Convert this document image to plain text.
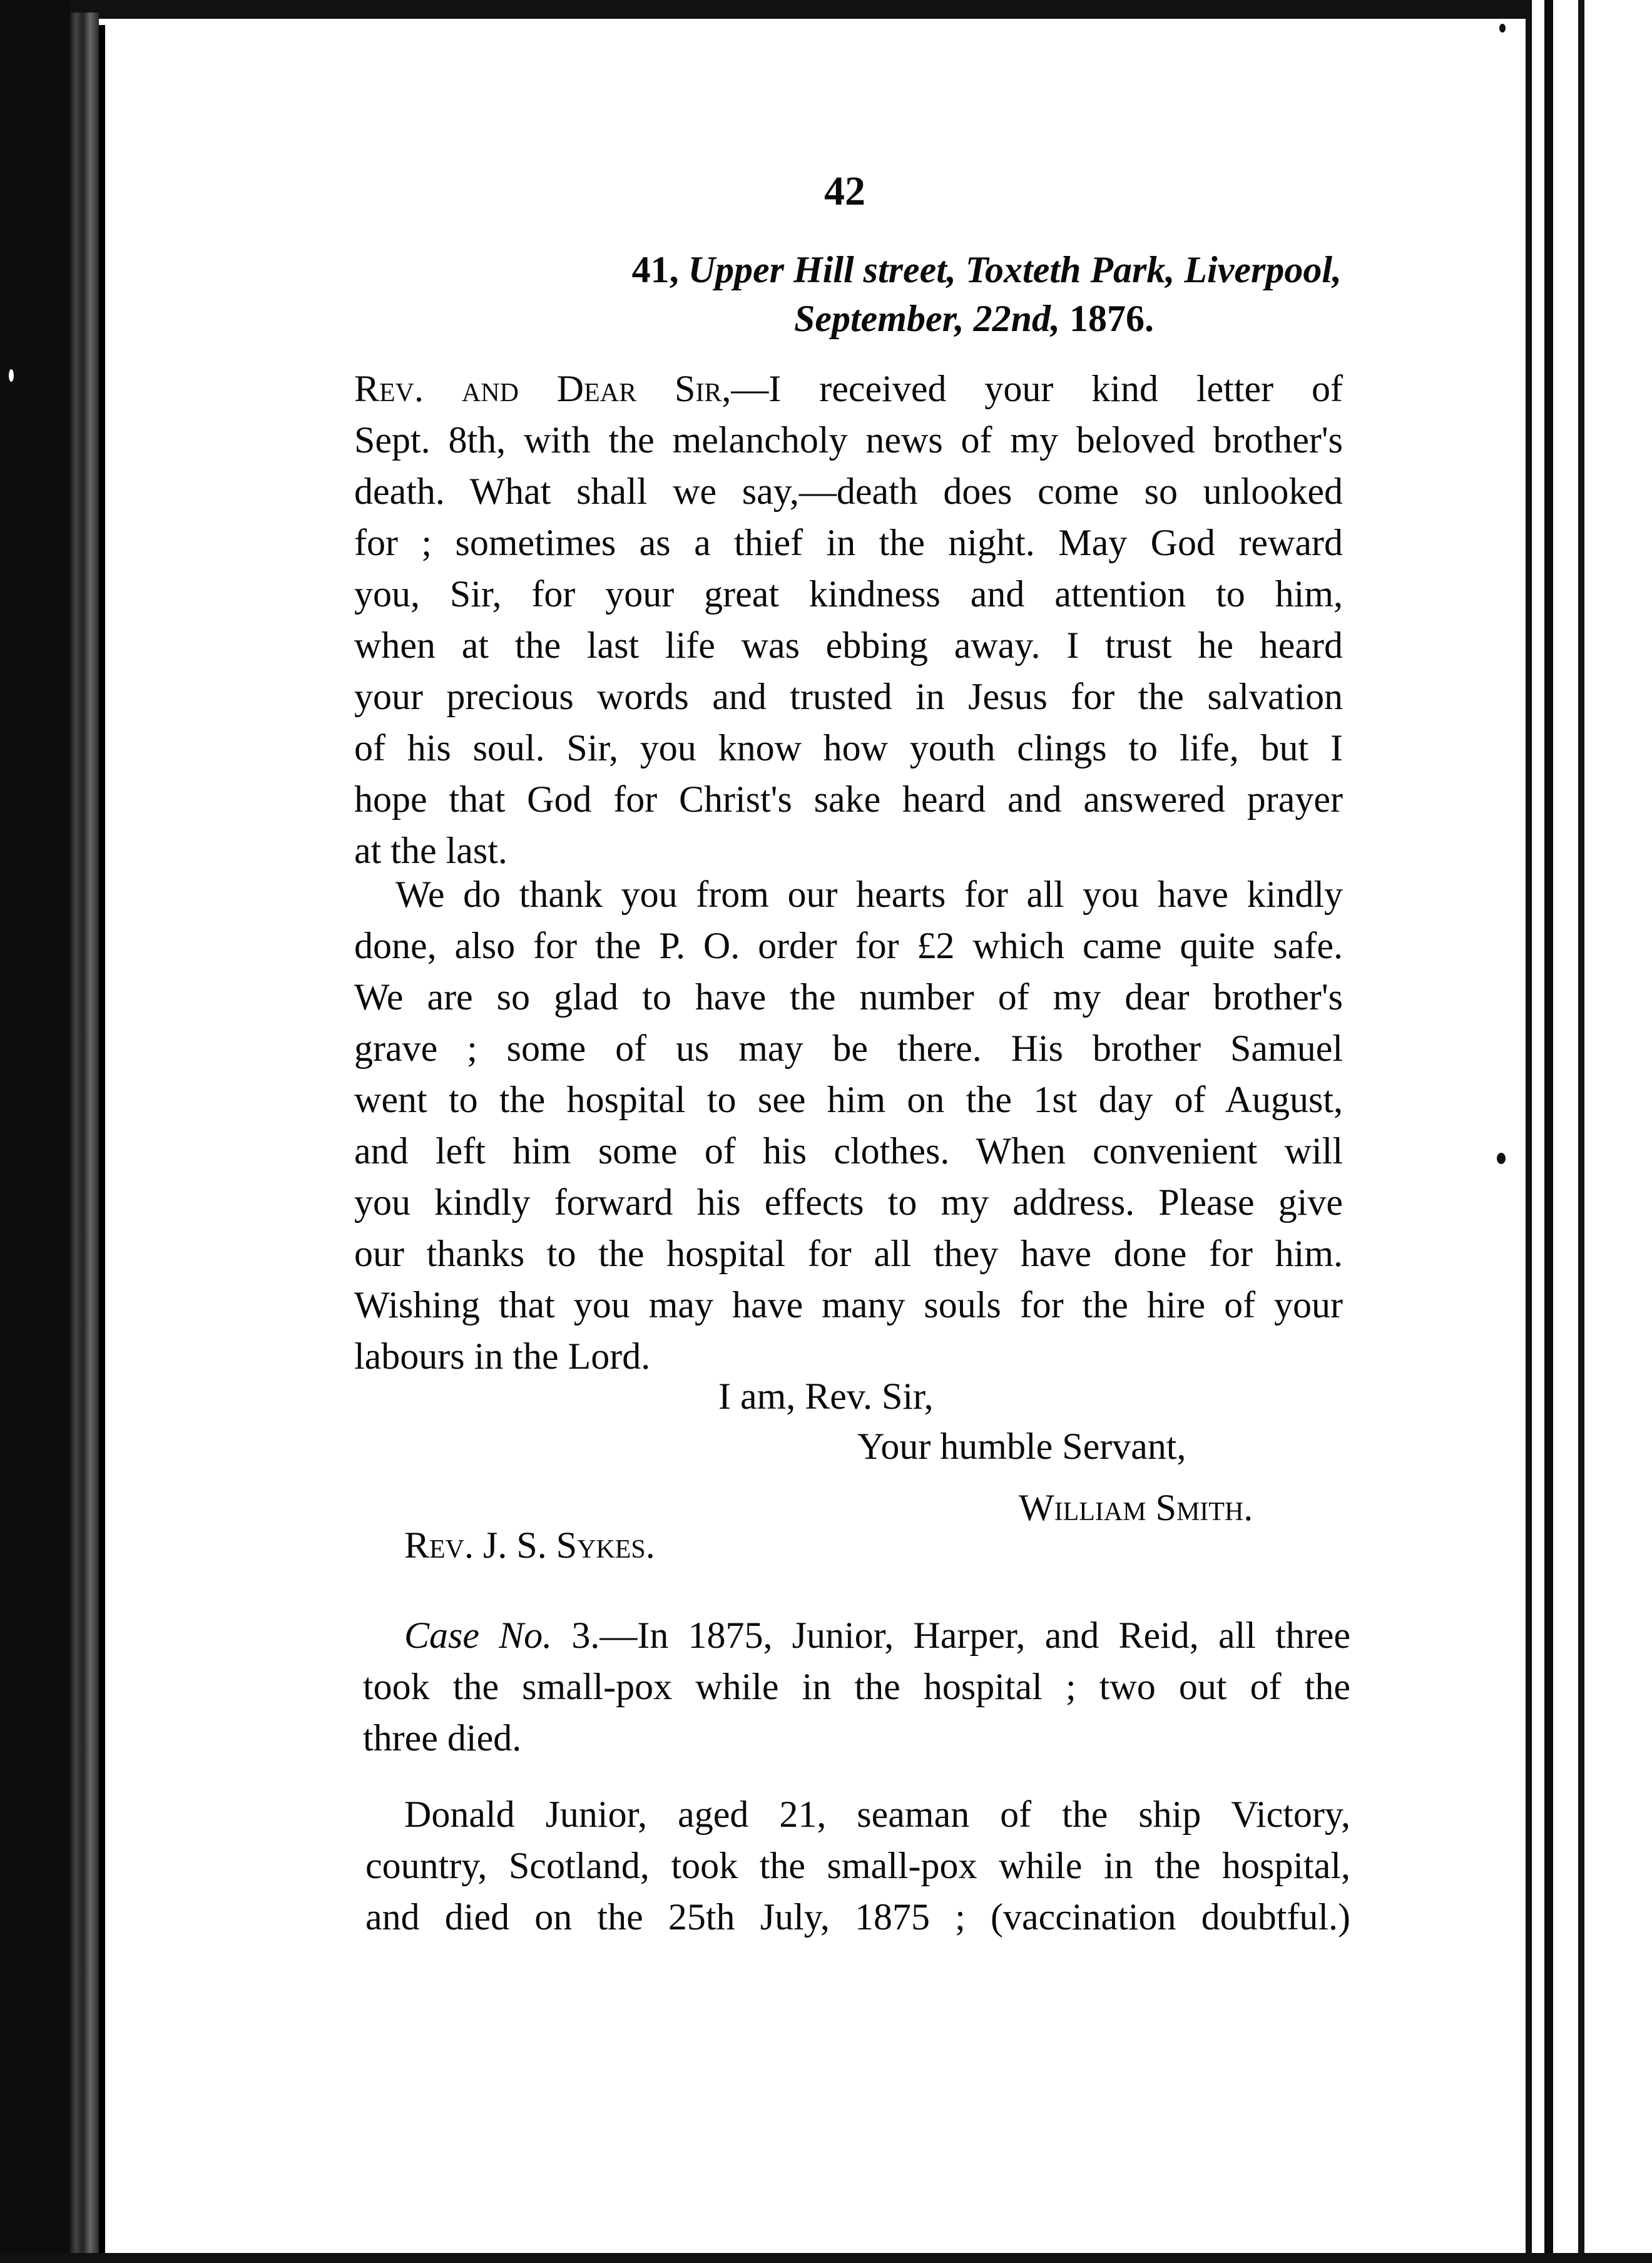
42
41, Upper Hill street, Toxteth Park, Liverpool,
September, 22nd, 1876.
Rev. and Dear Sir,—I received your kind letter of
Sept. 8th, with the melancholy news of my beloved brother's
death. What shall we say,—death does come so unlooked
for ; sometimes as a thief in the night. May God reward
you, Sir, for your great kindness and attention to him,
when at the last life was ebbing away. I trust he heard
your precious words and trusted in Jesus for the salvation
of his soul. Sir, you know how youth clings to life, but I
hope that God for Christ's sake heard and answered prayer
at the last.
We do thank you from our hearts for all you have kindly
done, also for the P. O. order for £2 which came quite safe.
We are so glad to have the number of my dear brother's
grave ; some of us may be there. His brother Samuel
went to the hospital to see him on the 1st day of August,
and left him some of his clothes. When convenient will
you kindly forward his effects to my address. Please give
our thanks to the hospital for all they have done for him.
Wishing that you may have many souls for the hire of your
labours in the Lord.
I am, Rev. Sir,
Your humble Servant,
William Smith.
Rev. J. S. Sykes.
Case No. 3.—In 1875, Junior, Harper, and Reid, all three
took the small-pox while in the hospital ; two out of the
three died.
Donald Junior, aged 21, seaman of the ship Victory,
country, Scotland, took the small-pox while in the hospital,
and died on the 25th July, 1875 ; (vaccination doubtful.)
